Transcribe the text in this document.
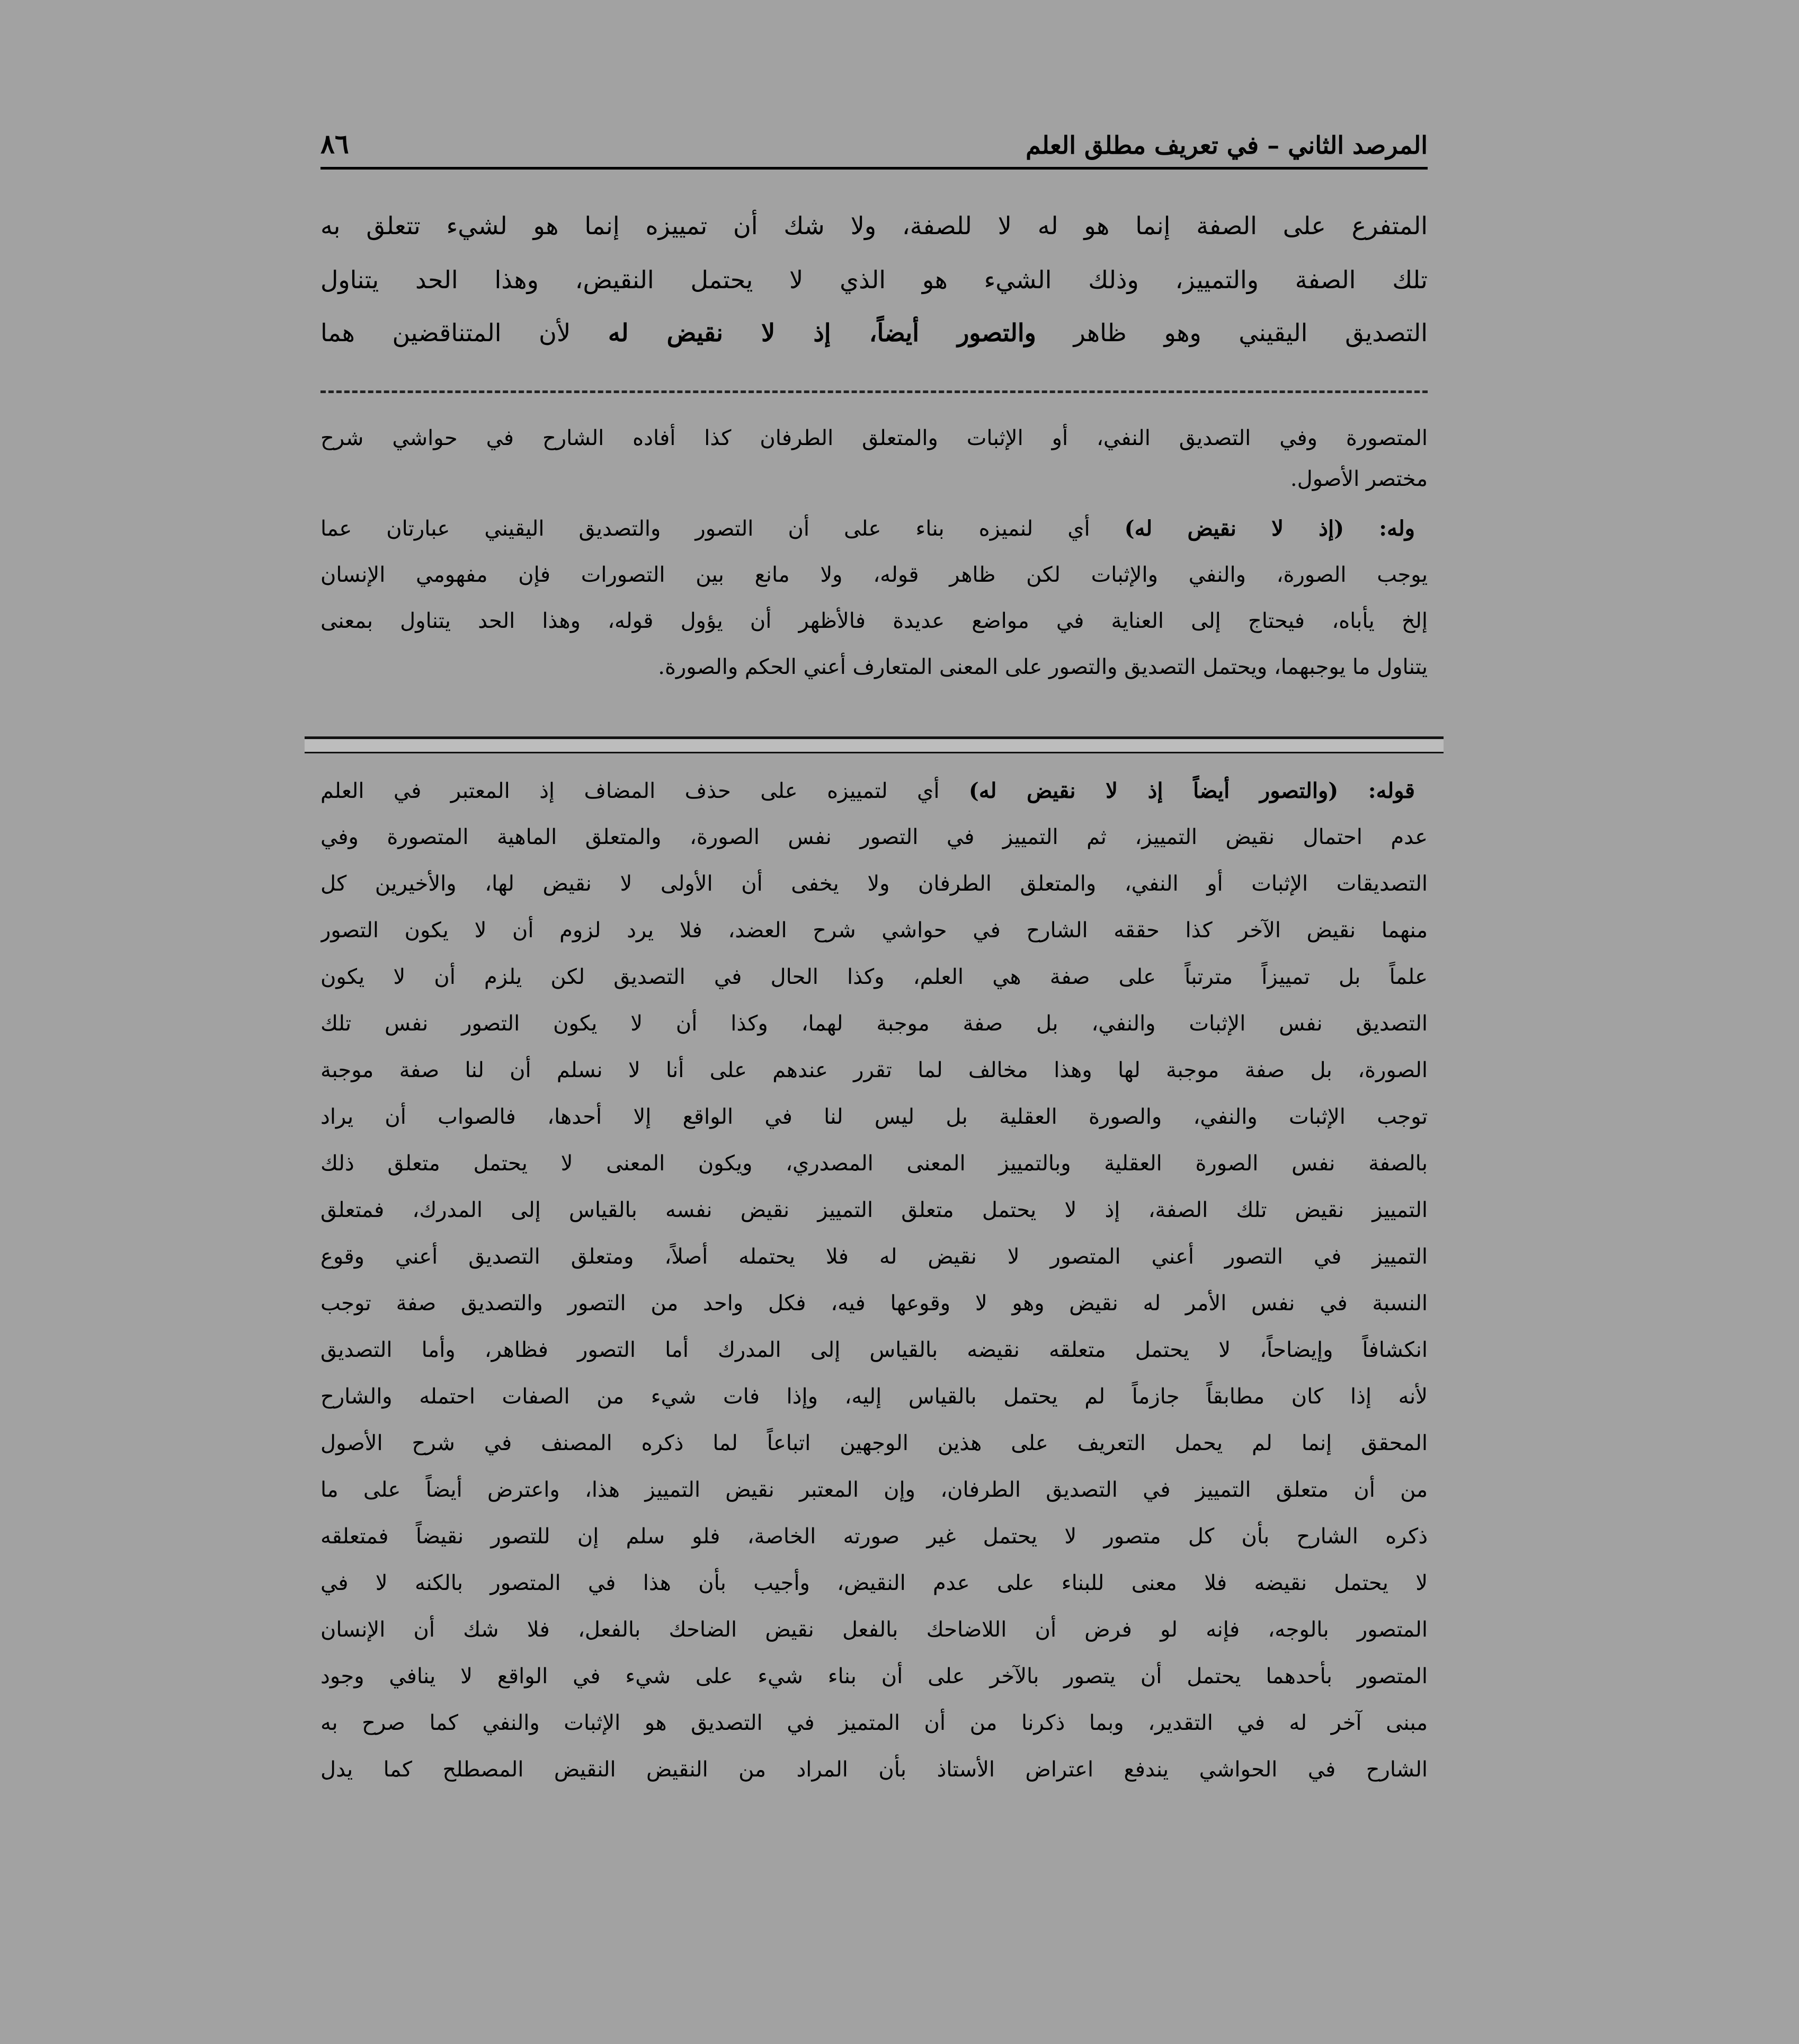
المرصد الثاني – في تعريف مطلق العلم
٨٦

المتفرع على الصفة إنما هو له لا للصفة، ولا شك أن تمييزه إنما هو لشيء تتعلق به

تلك الصفة والتمييز، وذلك الشيء هو الذي لا يحتمل النقيض، وهذا الحد يتناول

التصديق اليقيني وهو ظاهر والتصور أيضاً، إذ لا نقيض له لأن المتناقضين هما

المتصورة وفي التصديق النفي، أو الإثبات والمتعلق الطرفان كذا أفاده الشارح في حواشي شرح

مختصر الأصول.

وله: (إذ لا نقيض له) أي لنميزه بناء على أن التصور والتصديق اليقيني عبارتان عما

يوجب الصورة، والنفي والإثبات لكن ظاهر قوله، ولا مانع بين التصورات فإن مفهومي الإنسان

إلخ يأباه، فيحتاج إلى العناية في مواضع عديدة فالأظهر أن يؤول قوله، وهذا الحد يتناول بمعنى

يتناول ما يوجبهما، ويحتمل التصديق والتصور على المعنى المتعارف أعني الحكم والصورة.

قوله: (والتصور أيضاً إذ لا نقيض له) أي لتمييزه على حذف المضاف إذ المعتبر في العلم

عدم احتمال نقيض التمييز، ثم التمييز في التصور نفس الصورة، والمتعلق الماهية المتصورة وفي

التصديقات الإثبات أو النفي، والمتعلق الطرفان ولا يخفى أن الأولى لا نقيض لها، والأخيرين كل

منهما نقيض الآخر كذا حققه الشارح في حواشي شرح العضد، فلا يرد لزوم أن لا يكون التصور

علماً بل تمييزاً مترتباً على صفة هي العلم، وكذا الحال في التصديق لكن يلزم أن لا يكون

التصديق نفس الإثبات والنفي، بل صفة موجبة لهما، وكذا أن لا يكون التصور نفس تلك

الصورة، بل صفة موجبة لها وهذا مخالف لما تقرر عندهم على أنا لا نسلم أن لنا صفة موجبة

توجب الإثبات والنفي، والصورة العقلية بل ليس لنا في الواقع إلا أحدها، فالصواب أن يراد

بالصفة نفس الصورة العقلية وبالتمييز المعنى المصدري، ويكون المعنى لا يحتمل متعلق ذلك

التمييز نقيض تلك الصفة، إذ لا يحتمل متعلق التمييز نقيض نفسه بالقياس إلى المدرك، فمتعلق

التمييز في التصور أعني المتصور لا نقيض له فلا يحتمله أصلاً، ومتعلق التصديق أعني وقوع

النسبة في نفس الأمر له نقيض وهو لا وقوعها فيه، فكل واحد من التصور والتصديق صفة توجب

انكشافاً وإيضاحاً، لا يحتمل متعلقه نقيضه بالقياس إلى المدرك أما التصور فظاهر، وأما التصديق

لأنه إذا كان مطابقاً جازماً لم يحتمل بالقياس إليه، وإذا فات شيء من الصفات احتمله والشارح

المحقق إنما لم يحمل التعريف على هذين الوجهين اتباعاً لما ذكره المصنف في شرح الأصول

من أن متعلق التمييز في التصديق الطرفان، وإن المعتبر نقيض التمييز هذا، واعترض أيضاً على ما

ذكره الشارح بأن كل متصور لا يحتمل غير صورته الخاصة، فلو سلم إن للتصور نقيضاً فمتعلقه

لا يحتمل نقيضه فلا معنى للبناء على عدم النقيض، وأجيب بأن هذا في المتصور بالكنه لا في

المتصور بالوجه، فإنه لو فرض أن اللاضاحك بالفعل نقيض الضاحك بالفعل، فلا شك أن الإنسان

المتصور بأحدهما يحتمل أن يتصور بالآخر على أن بناء شيء على شيء في الواقع لا ينافي وجود

مبنى آخر له في التقدير، وبما ذكرنا من أن المتميز في التصديق هو الإثبات والنفي كما صرح به

الشارح في الحواشي يندفع اعتراض الأستاذ بأن المراد من النقيض النقيض المصطلح كما يدل
